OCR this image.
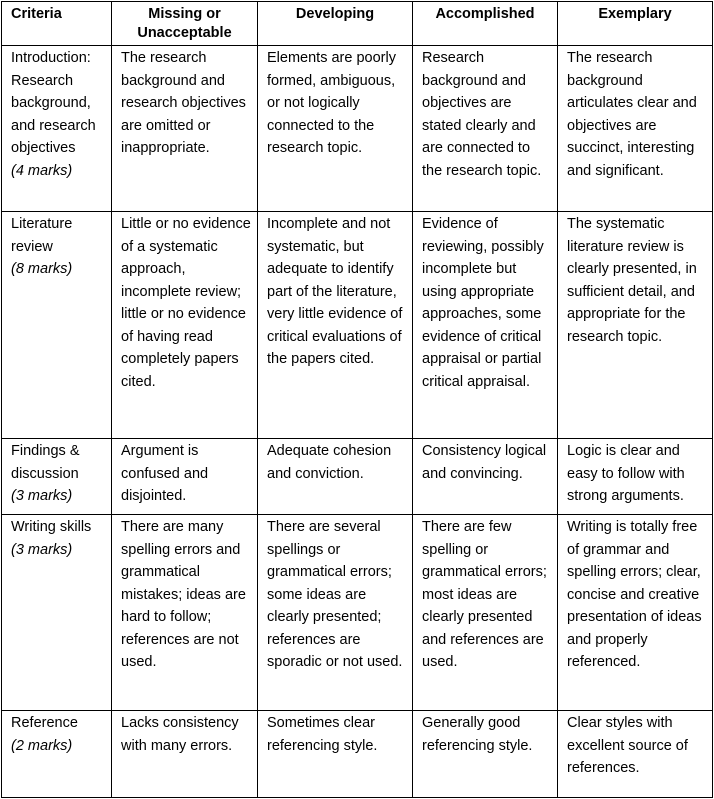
Criteria	Missing or Unacceptable	Developing	Accomplished	Exemplary

Introduction: Research background, and research objectives
(4 marks)	The research background and research objectives are omitted or inappropriate.	Elements are poorly formed, ambiguous, or not logically connected to the research topic.	Research background and objectives are stated clearly and are connected to the research topic.	The research background articulates clear and objectives are succinct, interesting and significant.

Literature review
(8 marks)	Little or no evidence of a systematic approach, incomplete review; little or no evidence of having read completely papers cited.	Incomplete and not systematic, but adequate to identify part of the literature, very little evidence of critical evaluations of the papers cited.	Evidence of reviewing, possibly incomplete but using appropriate approaches, some evidence of critical appraisal or partial critical appraisal.	The systematic literature review is clearly presented, in sufficient detail, and appropriate for the research topic.

Findings & discussion
(3 marks)	Argument is confused and disjointed.	Adequate cohesion and conviction.	Consistency logical and convincing.	Logic is clear and easy to follow with strong arguments.

Writing skills
(3 marks)	There are many spelling errors and grammatical mistakes; ideas are hard to follow; references are not used.	There are several spellings or grammatical errors; some ideas are clearly presented; references are sporadic or not used.	There are few spelling or grammatical errors; most ideas are clearly presented and references are used.	Writing is totally free of grammar and spelling errors; clear, concise and creative presentation of ideas and properly referenced.

Reference
(2 marks)	Lacks consistency with many errors.	Sometimes clear referencing style.	Generally good referencing style.	Clear styles with excellent source of references.
